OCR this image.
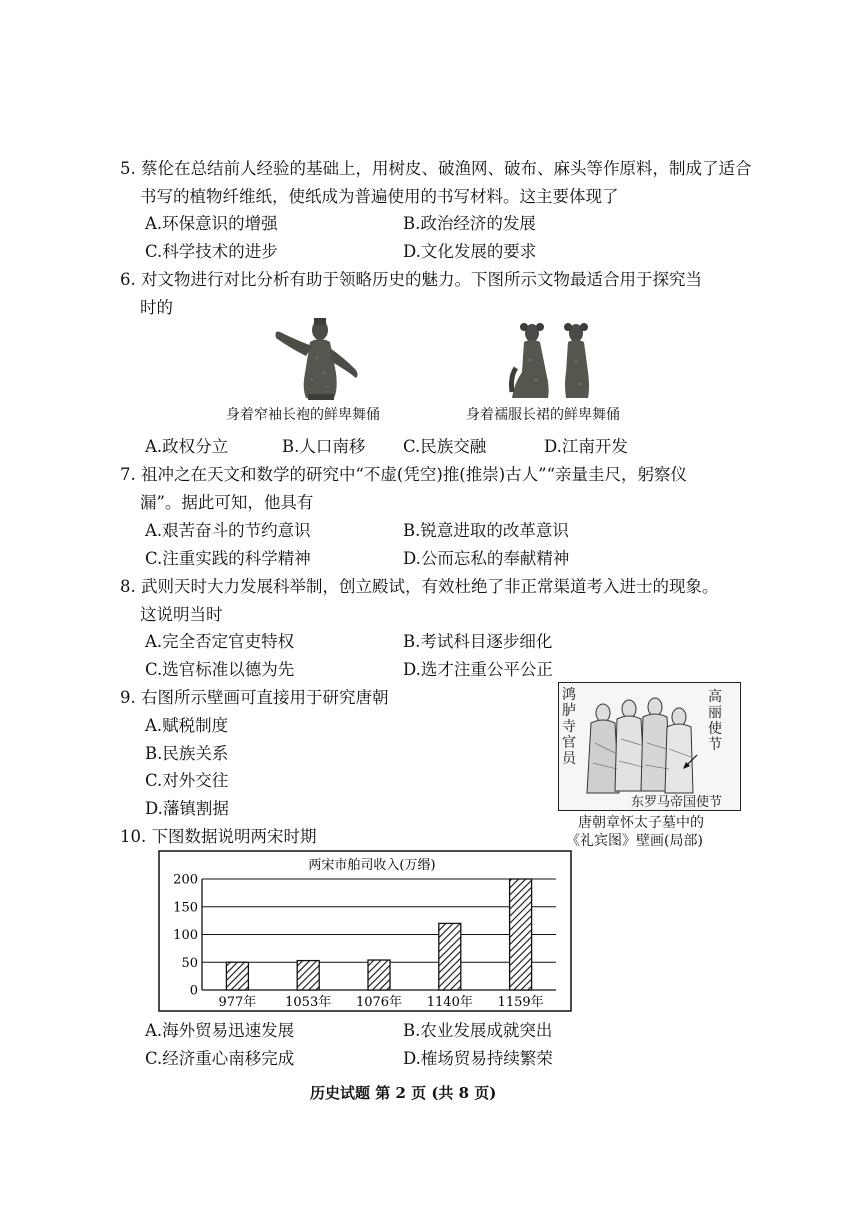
5. 蔡伦在总结前人经验的基础上，用树皮、破渔网、破布、麻头等作原料，制成了适合
书写的植物纤维纸，使纸成为普遍使用的书写材料。这主要体现了
A.环保意识的增强	B.政治经济的发展
C.科学技术的进步	D.文化发展的要求
6. 对文物进行对比分析有助于领略历史的魅力。下图所示文物最适合用于探究当
时的
身着窄袖长袍的鲜卑舞俑	身着襦服长裙的鲜卑舞俑
A.政权分立	B.人口南移 C.民族交融	D.江南开发
7. 祖冲之在天文和数学的研究中“不虚(凭空)推(推崇)古人”“亲量圭尺，躬察仪
漏”。据此可知，他具有
A.艰苦奋斗的节约意识	B.锐意进取的改革意识
C.注重实践的科学精神	D.公而忘私的奉献精神
8. 武则天时大力发展科举制，创立殿试，有效杜绝了非正常渠道考入进士的现象。
这说明当时
A.完全否定官吏特权	B.考试科目逐步细化
C.选官标准以德为先	D.选才注重公平公正
9. 右图所示壁画可直接用于研究唐朝
A.赋税制度
B.民族关系
C.对外交往
D.藩镇割据
鸿
胪
寺
官
员
高
丽
使
节
东罗马帝国使节
唐朝章怀太子墓中的
《礼宾图》壁画(局部)
10. 下图数据说明两宋时期
两宋市舶司收入(万缗)
0
50
100
150
200
977年 1053年 1076年 1140年 1159年
A.海外贸易迅速发展	B.农业发展成就突出
C.经济重心南移完成	D.榷场贸易持续繁荣
历史试题 第 2 页 (共 8 页)
